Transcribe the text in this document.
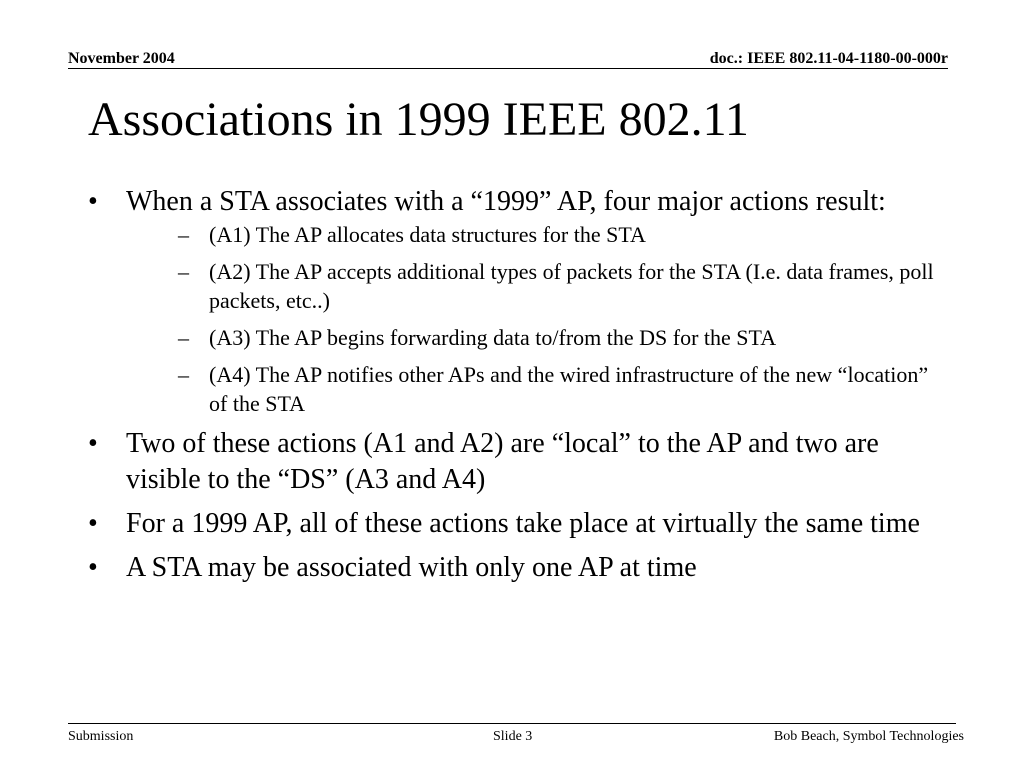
November 2004	doc.: IEEE 802.11-04-1180-00-000r
Associations in 1999 IEEE 802.11
•	When a STA associates with a “1999” AP, four major actions result:
– (A1) The AP allocates data structures for the STA
– (A2) The AP accepts additional types of packets for the STA (I.e. data frames, poll packets, etc..)
– (A3) The AP begins forwarding data to/from the DS for the STA
– (A4) The AP notifies other APs and the wired infrastructure of the new “location” of the STA
•	Two of these actions (A1 and A2) are “local” to the AP and two are visible to the “DS” (A3 and A4)
•	For a 1999 AP, all of these actions take place at virtually the same time
•	A STA may be associated with only one AP at time
Submission	Slide 3	Bob Beach, Symbol Technologies
